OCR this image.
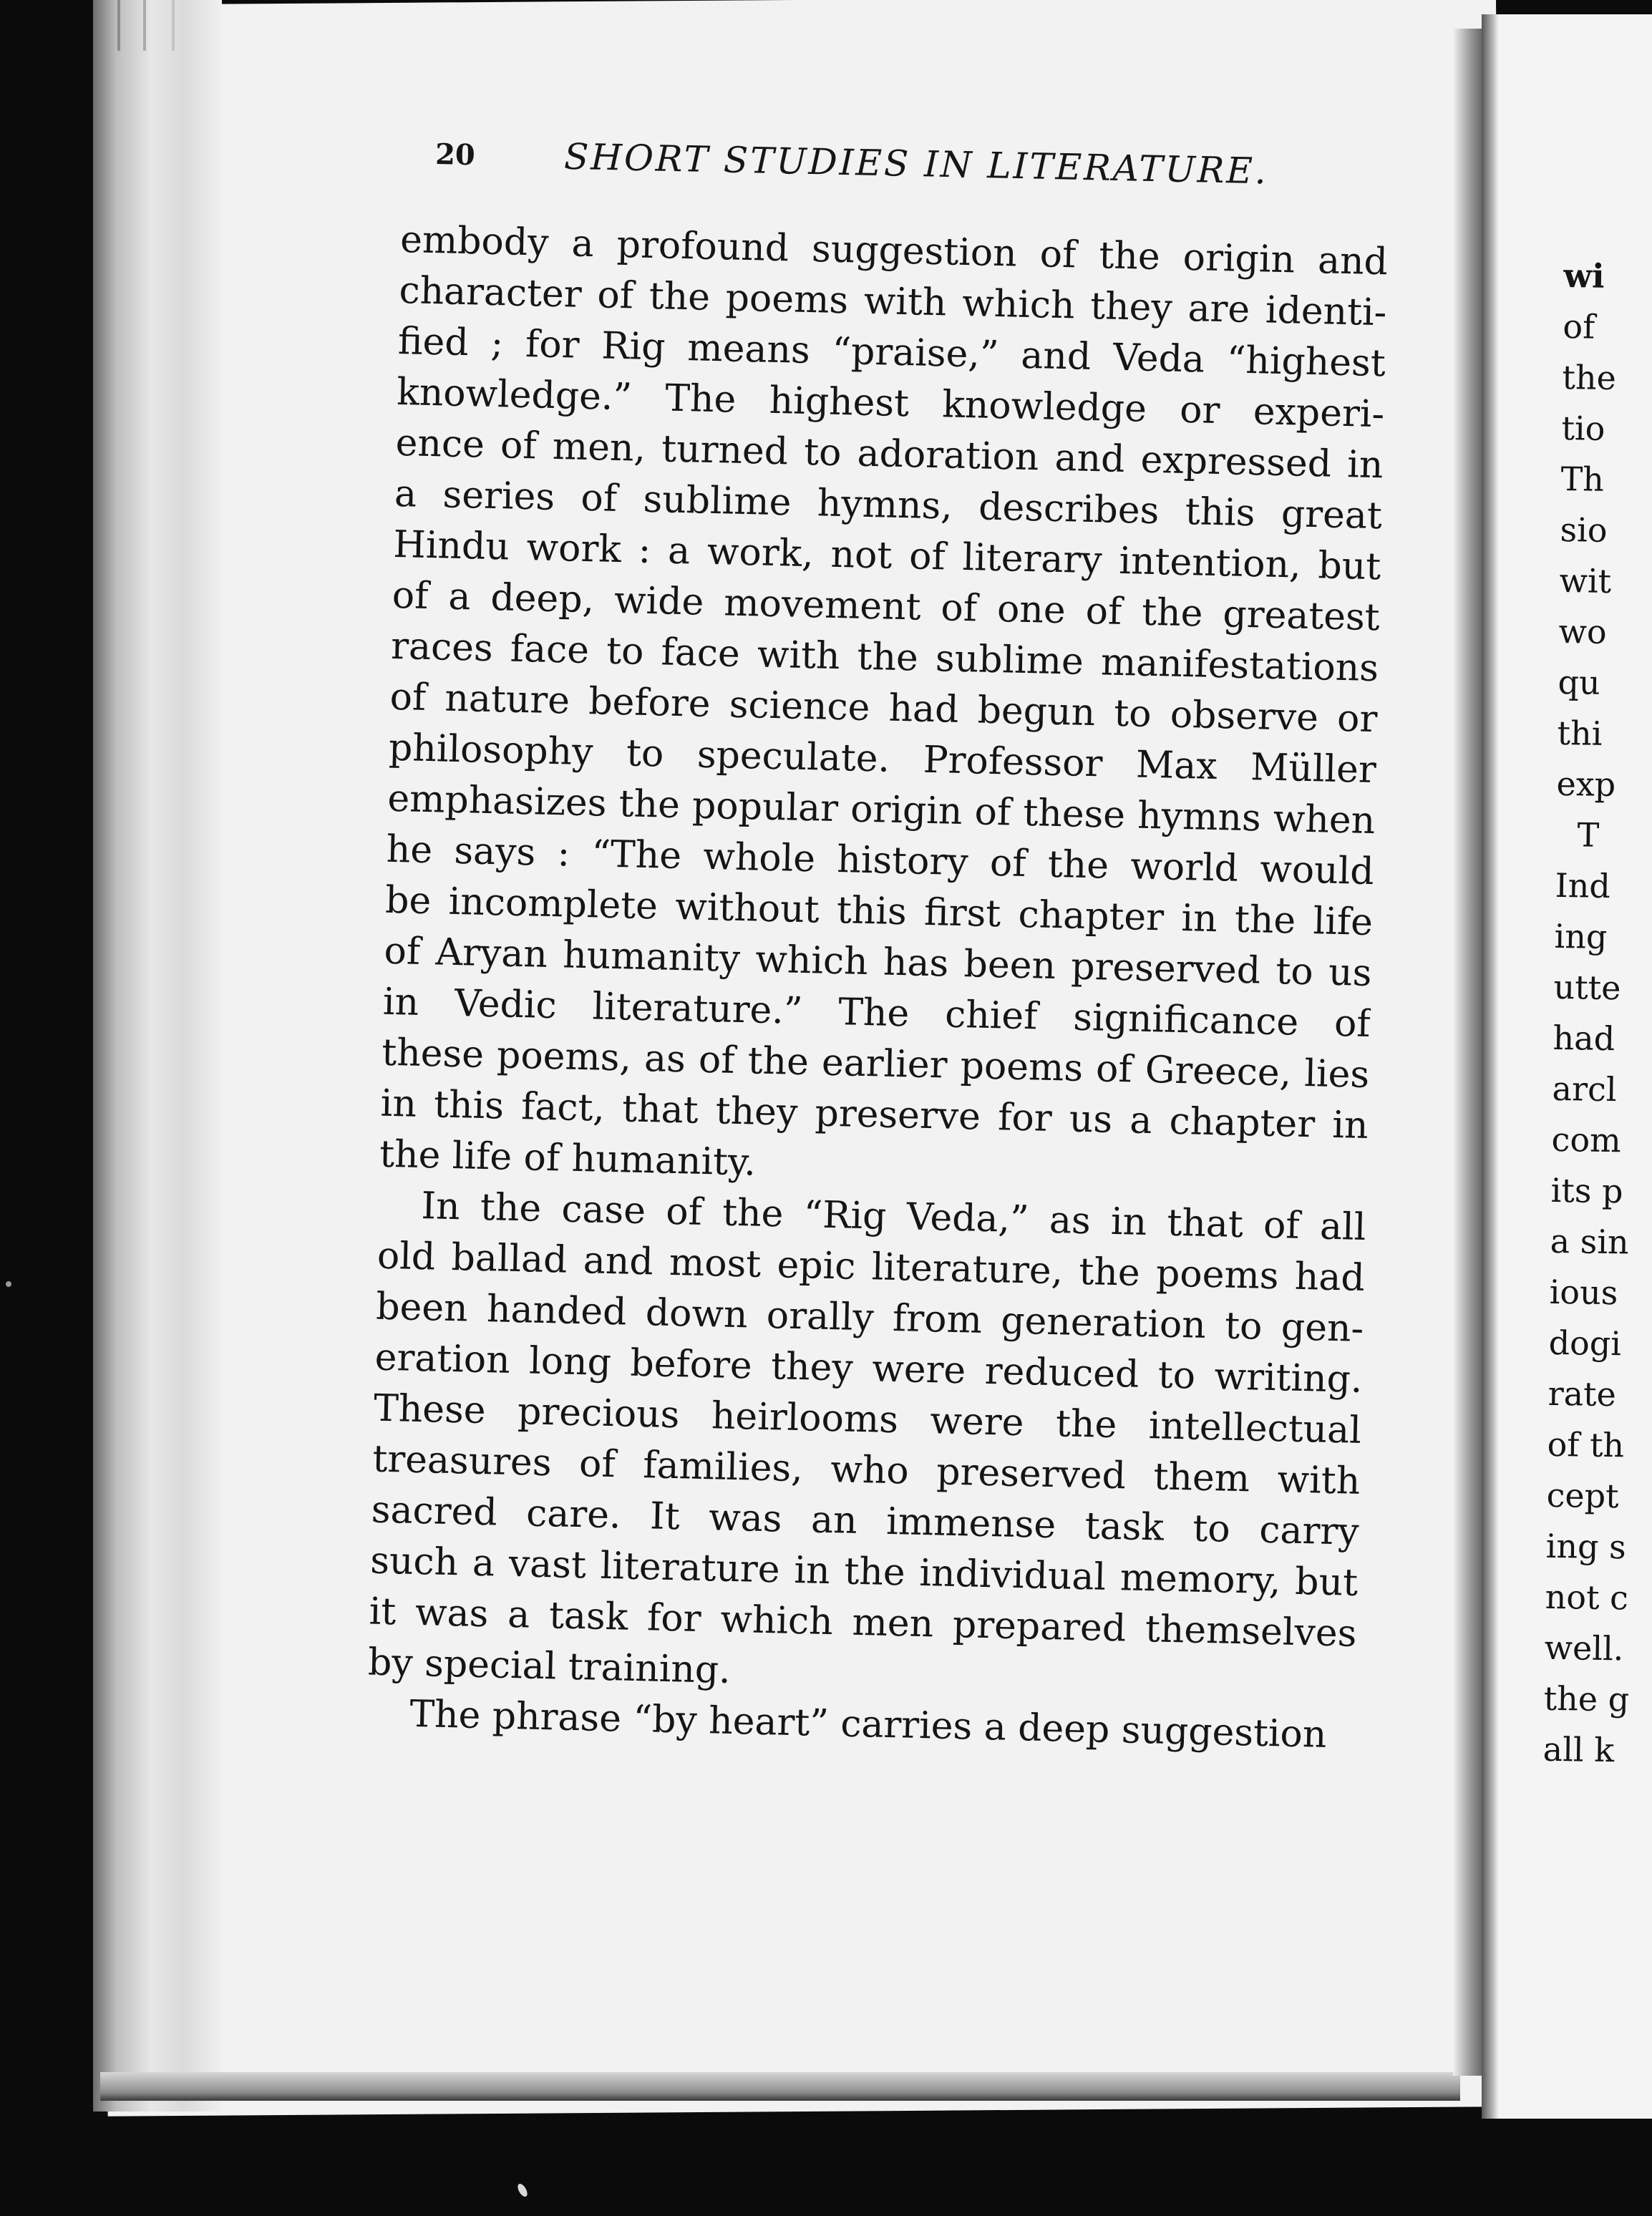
20 SHORT STUDIES IN LITERATURE.
embody a profound suggestion of the origin and
character of the poems with which they are identi-
fied ; for Rig means “praise,” and Veda “highest
knowledge.” The highest knowledge or experi-
ence of men, turned to adoration and expressed in
a series of sublime hymns, describes this great
Hindu work : a work, not of literary intention, but
of a deep, wide movement of one of the greatest
races face to face with the sublime manifestations
of nature before science had begun to observe or
philosophy to speculate. Professor Max Müller
emphasizes the popular origin of these hymns when
he says : “The whole history of the world would
be incomplete without this first chapter in the life
of Aryan humanity which has been preserved to us
in Vedic literature.” The chief significance of
these poems, as of the earlier poems of Greece, lies
in this fact, that they preserve for us a chapter in
the life of humanity.
In the case of the “Rig Veda,” as in that of all
old ballad and most epic literature, the poems had
been handed down orally from generation to gen-
eration long before they were reduced to writing.
These precious heirlooms were the intellectual
treasures of families, who preserved them with
sacred care. It was an immense task to carry
such a vast literature in the individual memory, but
it was a task for which men prepared themselves
by special training.
The phrase “by heart” carries a deep suggestion
wi
of
the
tio
Th
sio
wit
wo
qu
thi
exp
T
Ind
ing
utte
had
arcl
com
its p
a sin
ious
dogi
rate
of th
cept
ing s
not c
well.
the g
all k
